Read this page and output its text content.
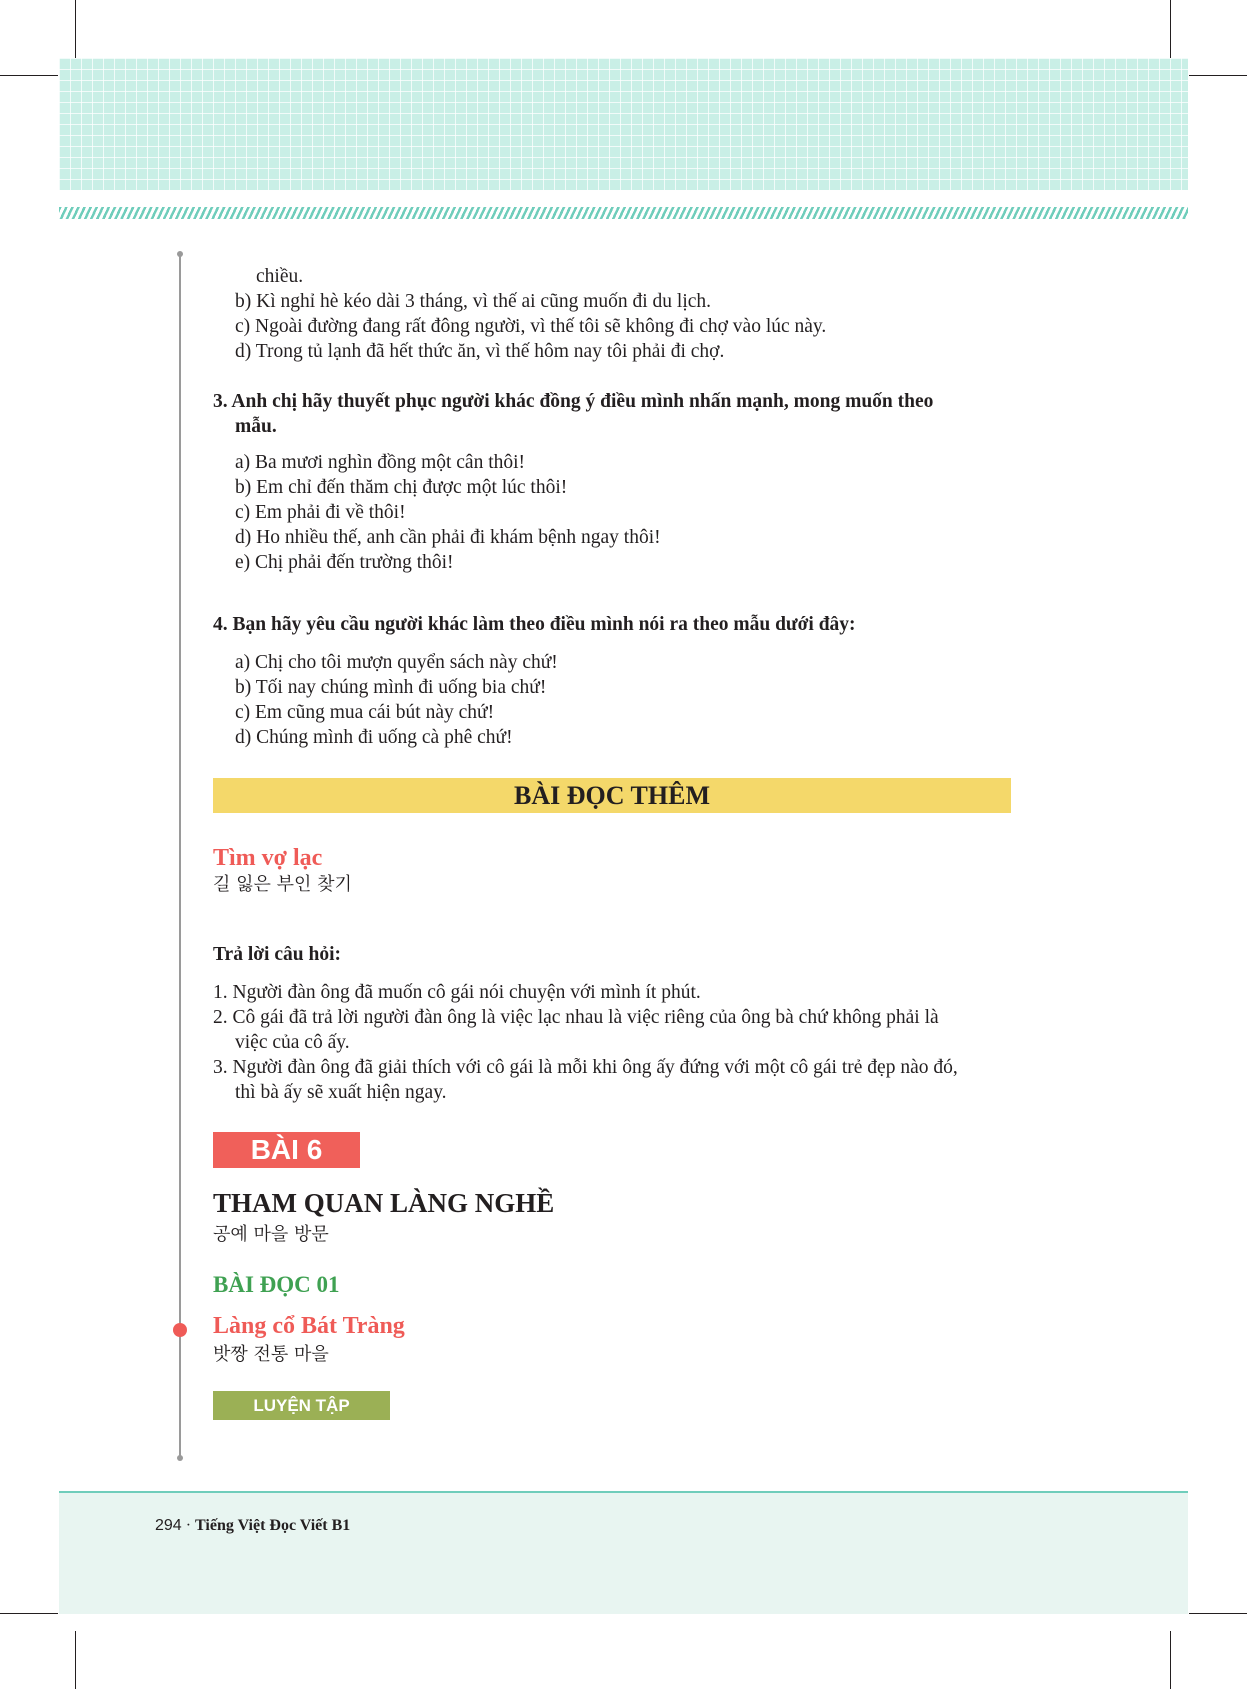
chiều.
b) Kì nghỉ hè kéo dài 3 tháng, vì thế ai cũng muốn đi du lịch.
c) Ngoài đường đang rất đông người, vì thế tôi sẽ không đi chợ vào lúc này.
d) Trong tủ lạnh đã hết thức ăn, vì thế hôm nay tôi phải đi chợ.
3. Anh chị hãy thuyết phục người khác đồng ý điều mình nhấn mạnh, mong muốn theo
mẫu.
a) Ba mươi nghìn đồng một cân thôi!
b) Em chỉ đến thăm chị được một lúc thôi!
c) Em phải đi về thôi!
d) Ho nhiều thế, anh cần phải đi khám bệnh ngay thôi!
e) Chị phải đến trường thôi!
4. Bạn hãy yêu cầu người khác làm theo điều mình nói ra theo mẫu dưới đây:
a) Chị cho tôi mượn quyển sách này chứ!
b) Tối nay chúng mình đi uống bia chứ!
c) Em cũng mua cái bút này chứ!
d) Chúng mình đi uống cà phê chứ!
BÀI ĐỌC THÊM
Tìm vợ lạc
길 잃은 부인 찾기
Trả lời câu hỏi:
1. Người đàn ông đã muốn cô gái nói chuyện với mình ít phút.
2. Cô gái đã trả lời người đàn ông là việc lạc nhau là việc riêng của ông bà chứ không phải là
việc của cô ấy.
3. Người đàn ông đã giải thích với cô gái là mỗi khi ông ấy đứng với một cô gái trẻ đẹp nào đó,
thì bà ấy sẽ xuất hiện ngay.
BÀI 6
THAM QUAN LÀNG NGHỀ
공예 마을 방문
BÀI ĐỌC 01
Làng cổ Bát Tràng
밧짱 전통 마을
LUYỆN TẬP
294 · Tiếng Việt Đọc Viết B1
